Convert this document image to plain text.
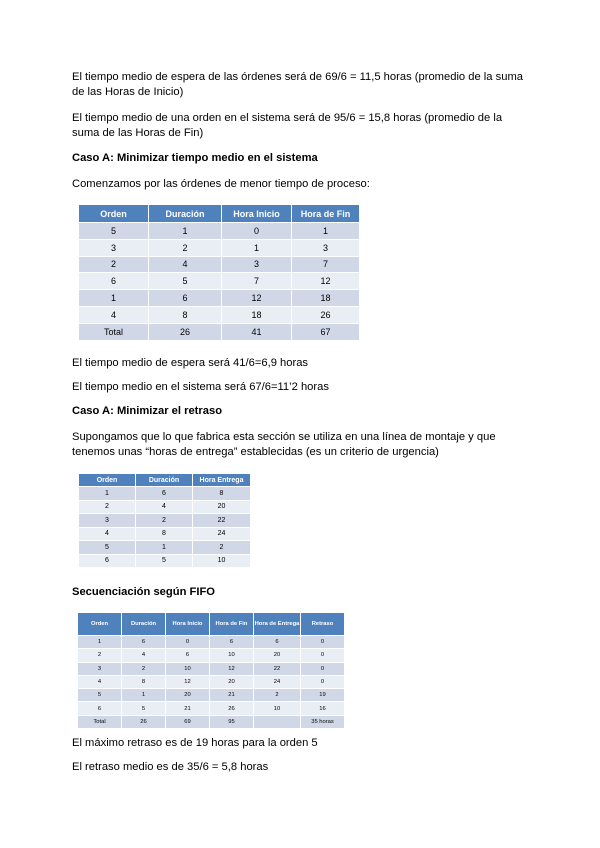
El tiempo medio de espera de las órdenes será de 69/6 = 11,5 horas (promedio de la suma de las Horas de Inicio)

El tiempo medio de una orden en el sistema será de 95/6 = 15,8 horas (promedio de la suma de las Horas de Fin)

Caso A: Minimizar tiempo medio en el sistema

Comenzamos por las órdenes de menor tiempo de proceso:

Orden	Duración	Hora Inicio	Hora de Fin
5	1	0	1
3	2	1	3
2	4	3	7
6	5	7	12
1	6	12	18
4	8	18	26
Total	26	41	67

El tiempo medio de espera será 41/6=6,9 horas

El tiempo medio en el sistema será 67/6=11’2 horas

Caso A: Minimizar el retraso

Supongamos que lo que fabrica esta sección se utiliza en una línea de montaje y que tenemos unas “horas de entrega” establecidas (es un criterio de urgencia)

Orden	Duración	Hora Entrega
1	6	8
2	4	20
3	2	22
4	8	24
5	1	2
6	5	10

Secuenciación según FIFO

Orden	Duración	Hora Inicio	Hora de Fin	Hora de Entrega	Retraso
1	6	0	6	6	0
2	4	6	10	20	0
3	2	10	12	22	0
4	8	12	20	24	0
5	1	20	21	2	19
6	5	21	26	10	16
Total	26	69	95		35 horas

El máximo retraso es de 19 horas para la orden 5

El retraso medio es de 35/6 = 5,8 horas
